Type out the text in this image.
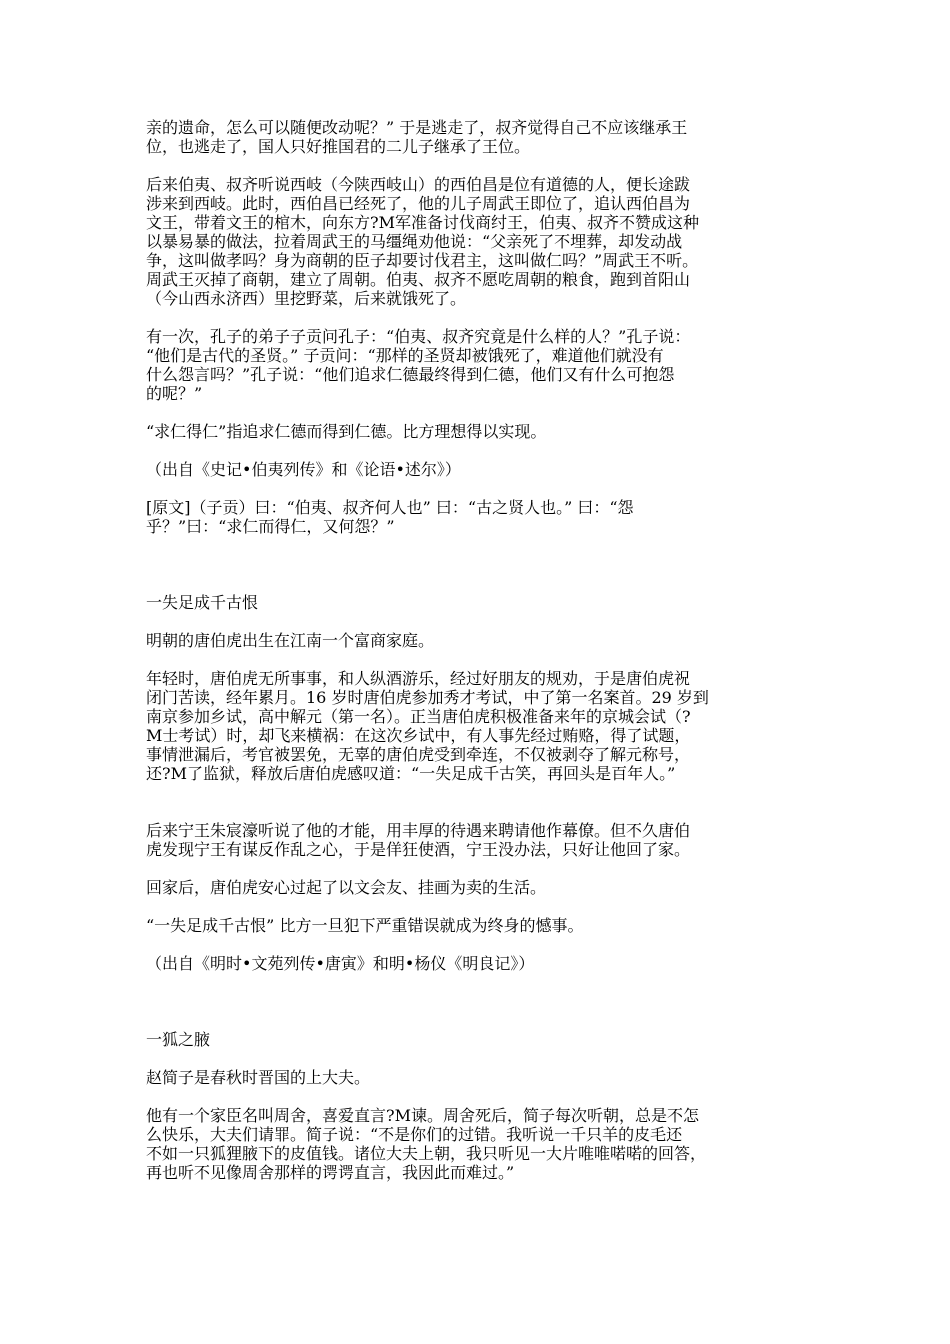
亲的遗命，怎么可以随便改动呢？” 于是逃走了，叔齐觉得自己不应该继承王
位，也逃走了，国人只好推国君的二儿子继承了王位。
后来伯夷、叔齐听说西岐（今陕西岐山）的西伯昌是位有道德的人，便长途跋
涉来到西岐。此时，西伯昌已经死了，他的儿子周武王即位了，追认西伯昌为
文王，带着文王的棺木，向东方?M军准备讨伐商纣王，伯夷、叔齐不赞成这种
以暴易暴的做法，拉着周武王的马缰绳劝他说：“父亲死了不埋葬，却发动战
争，这叫做孝吗？身为商朝的臣子却要讨伐君主，这叫做仁吗？”周武王不听。
周武王灭掉了商朝，建立了周朝。伯夷、叔齐不愿吃周朝的粮食，跑到首阳山
（今山西永济西）里挖野菜，后来就饿死了。
有一次，孔子的弟子子贡问孔子：“伯夷、叔齐究竟是什么样的人？”孔子说：
“他们是古代的圣贤。” 子贡问：“那样的圣贤却被饿死了，难道他们就没有
什么怨言吗？”孔子说：“他们追求仁德最终得到仁德，他们又有什么可抱怨
的呢？”
“求仁得仁”指追求仁德而得到仁德。比方理想得以实现。
（出自《史记•伯夷列传》和《论语•述尔》）
[原文]（子贡）曰：“伯夷、叔齐何人也” 曰：“古之贤人也。” 曰：“怨
乎？”曰：“求仁而得仁，又何怨？”
一失足成千古恨
明朝的唐伯虎出生在江南一个富商家庭。
年轻时，唐伯虎无所事事，和人纵酒游乐，经过好朋友的规劝，于是唐伯虎祝
闭门苦读，经年累月。16 岁时唐伯虎参加秀才考试，中了第一名案首。29 岁到
南京参加乡试，高中解元（第一名）。正当唐伯虎积极准备来年的京城会试（?
M士考试）时，却飞来横祸：在这次乡试中，有人事先经过贿赂，得了试题，
事情泄漏后，考官被罢免，无辜的唐伯虎受到牵连，不仅被剥夺了解元称号，
还?M了监狱，释放后唐伯虎感叹道：“一失足成千古笑，再回头是百年人。”
后来宁王朱宸濠听说了他的才能，用丰厚的待遇来聘请他作幕僚。但不久唐伯
虎发现宁王有谋反作乱之心，于是佯狂使酒，宁王没办法，只好让他回了家。
回家后，唐伯虎安心过起了以文会友、挂画为卖的生活。
“一失足成千古恨” 比方一旦犯下严重错误就成为终身的憾事。
（出自《明时•文苑列传•唐寅》和明•杨仪《明良记》）
一狐之腋
赵简子是春秋时晋国的上大夫。
他有一个家臣名叫周舍，喜爱直言?M谏。周舍死后，简子每次听朝，总是不怎
么快乐，大夫们请罪。简子说：“不是你们的过错。我听说一千只羊的皮毛还
不如一只狐狸腋下的皮值钱。诸位大夫上朝，我只听见一大片唯唯喏喏的回答，
再也听不见像周舍那样的谔谔直言，我因此而难过。”
